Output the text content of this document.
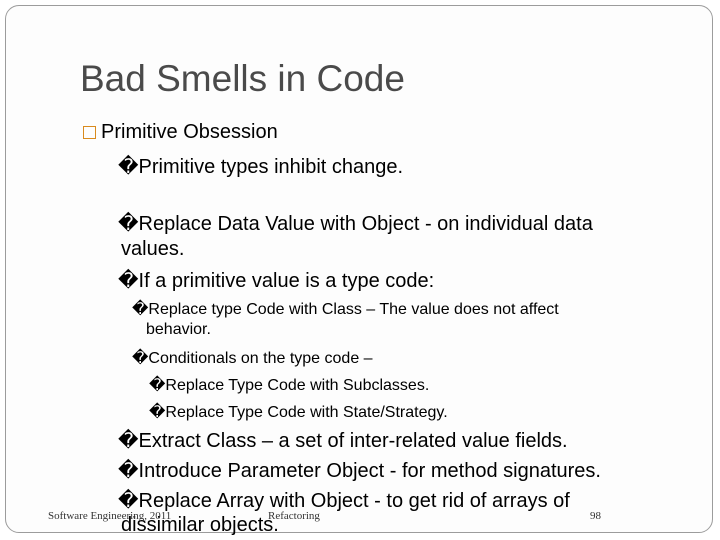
Bad Smells in Code
Primitive Obsession
�Primitive types inhibit change.
�Replace Data Value with Object - on individual data
values.
�If a primitive value is a type code:
�Replace type Code with Class – The value does not affect
behavior.
�Conditionals on the type code –
�Replace Type Code with Subclasses.
�Replace Type Code with State/Strategy.
�Extract Class – a set of inter-related value fields.
�Introduce Parameter Object - for method signatures.
�Replace Array with Object - to get rid of arrays of
dissimilar objects.
Software Engineering, 2011	Refactoring	98
